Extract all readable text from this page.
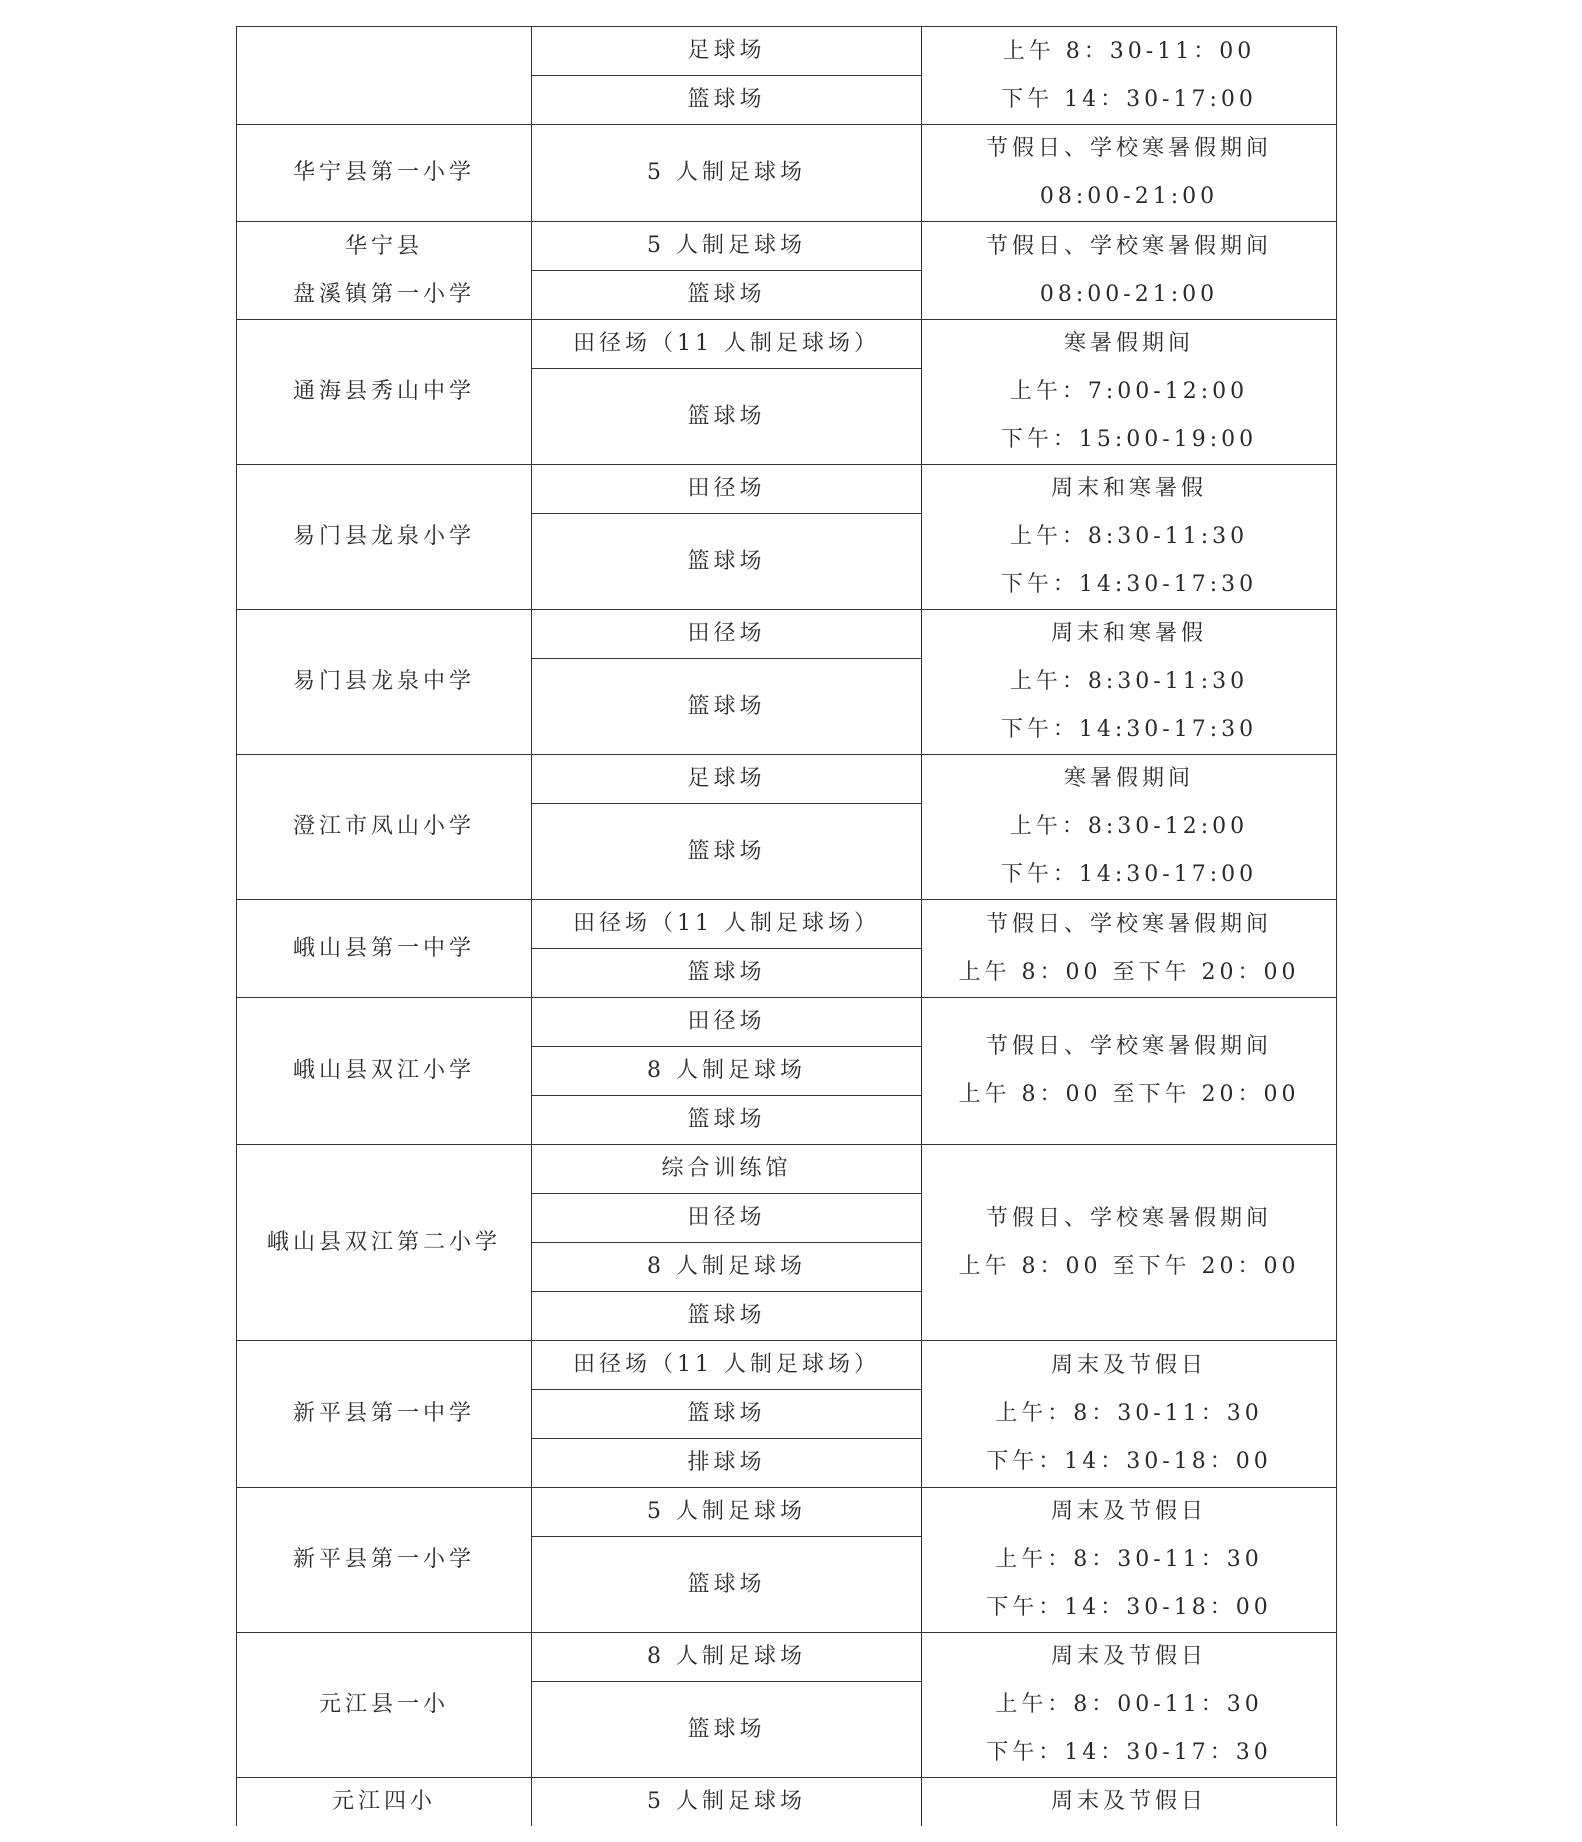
	足球场	上午 8：30-11：00
下午 14：30-17:00

	篮球场	

华宁县第一小学	5 人制足球场	节假日、学校寒暑假期间
08:00-21:00

华宁县
盘溪镇第一小学	5 人制足球场	节假日、学校寒暑假期间
08:00-21:00

	篮球场	

通海县秀山中学	田径场（11 人制足球场）	寒暑假期间
上午：7:00-12:00
下午：15:00-19:00

	篮球场	

易门县龙泉小学	田径场	周末和寒暑假
上午：8:30-11:30
下午：14:30-17:30

	篮球场	

易门县龙泉中学	田径场	周末和寒暑假
上午：8:30-11:30
下午：14:30-17:30

	篮球场	

澄江市凤山小学	足球场	寒暑假期间
上午：8:30-12:00
下午：14:30-17:00

	篮球场	

峨山县第一中学	田径场（11 人制足球场）	节假日、学校寒暑假期间
上午 8：00 至下午 20：00

	篮球场	

峨山县双江小学	田径场	节假日、学校寒暑假期间
上午 8：00 至下午 20：00

	8 人制足球场	
	篮球场	

峨山县双江第二小学	综合训练馆	节假日、学校寒暑假期间
上午 8：00 至下午 20：00

	田径场	
	8 人制足球场	
	篮球场	

新平县第一中学	田径场（11 人制足球场）	周末及节假日
上午：8：30-11：30
下午：14：30-18：00

	篮球场	
	排球场	

新平县第一小学	5 人制足球场	周末及节假日
上午：8：30-11：30
下午：14：30-18：00

	篮球场	

元江县一小	8 人制足球场	周末及节假日
上午：8：00-11：30
下午：14：30-17：30

	篮球场	

元江四小	5 人制足球场	周末及节假日
